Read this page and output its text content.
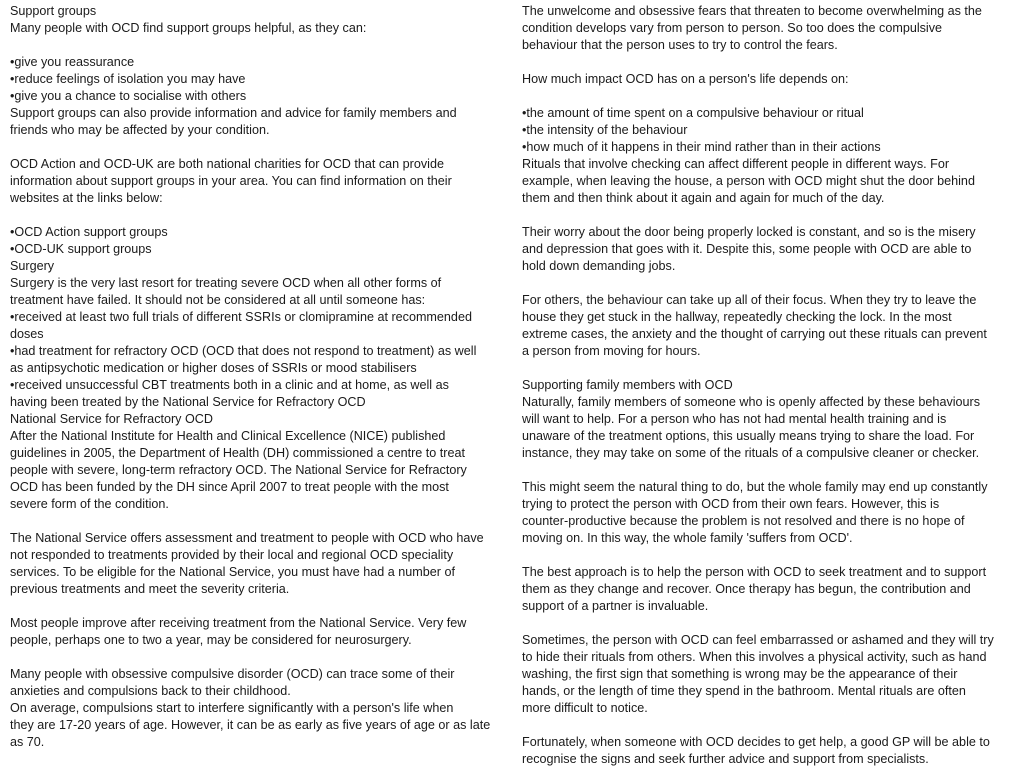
Support groups
Many people with OCD find support groups helpful, as they can:
•give you reassurance
•reduce feelings of isolation you may have
•give you a chance to socialise with others
Support groups can also provide information and advice for family members and
friends who may be affected by your condition.
OCD Action and OCD-UK are both national charities for OCD that can provide
information about support groups in your area. You can find information on their
websites at the links below:
•OCD Action support groups
•OCD-UK support groups
Surgery
Surgery is the very last resort for treating severe OCD when all other forms of
treatment have failed. It should not be considered at all until someone has:
•received at least two full trials of different SSRIs or clomipramine at recommended
doses
•had treatment for refractory OCD (OCD that does not respond to treatment) as well
as antipsychotic medication or higher doses of SSRIs or mood stabilisers
•received unsuccessful CBT treatments both in a clinic and at home, as well as
having been treated by the National Service for Refractory OCD
National Service for Refractory OCD
After the National Institute for Health and Clinical Excellence (NICE) published
guidelines in 2005, the Department of Health (DH) commissioned a centre to treat
people with severe, long-term refractory OCD. The National Service for Refractory
OCD has been funded by the DH since April 2007 to treat people with the most
severe form of the condition.
The National Service offers assessment and treatment to people with OCD who have
not responded to treatments provided by their local and regional OCD speciality
services. To be eligible for the National Service, you must have had a number of
previous treatments and meet the severity criteria.
Most people improve after receiving treatment from the National Service. Very few
people, perhaps one to two a year, may be considered for neurosurgery.
Many people with obsessive compulsive disorder (OCD) can trace some of their
anxieties and compulsions back to their childhood.
On average, compulsions start to interfere significantly with a person's life when
they are 17-20 years of age. However, it can be as early as five years of age or as late
as 70.
The unwelcome and obsessive fears that threaten to become overwhelming as the
condition develops vary from person to person. So too does the compulsive
behaviour that the person uses to try to control the fears.
How much impact OCD has on a person's life depends on:
•the amount of time spent on a compulsive behaviour or ritual
•the intensity of the behaviour
•how much of it happens in their mind rather than in their actions
Rituals that involve checking can affect different people in different ways. For
example, when leaving the house, a person with OCD might shut the door behind
them and then think about it again and again for much of the day.
Their worry about the door being properly locked is constant, and so is the misery
and depression that goes with it. Despite this, some people with OCD are able to
hold down demanding jobs.
For others, the behaviour can take up all of their focus. When they try to leave the
house they get stuck in the hallway, repeatedly checking the lock. In the most
extreme cases, the anxiety and the thought of carrying out these rituals can prevent
a person from moving for hours.
Supporting family members with OCD
Naturally, family members of someone who is openly affected by these behaviours
will want to help. For a person who has not had mental health training and is
unaware of the treatment options, this usually means trying to share the load. For
instance, they may take on some of the rituals of a compulsive cleaner or checker.
This might seem the natural thing to do, but the whole family may end up constantly
trying to protect the person with OCD from their own fears. However, this is
counter-productive because the problem is not resolved and there is no hope of
moving on. In this way, the whole family 'suffers from OCD'.
The best approach is to help the person with OCD to seek treatment and to support
them as they change and recover. Once therapy has begun, the contribution and
support of a partner is invaluable.
Sometimes, the person with OCD can feel embarrassed or ashamed and they will try
to hide their rituals from others. When this involves a physical activity, such as hand
washing, the first sign that something is wrong may be the appearance of their
hands, or the length of time they spend in the bathroom. Mental rituals are often
more difficult to notice.
Fortunately, when someone with OCD decides to get help, a good GP will be able to
recognise the signs and seek further advice and support from specialists.
